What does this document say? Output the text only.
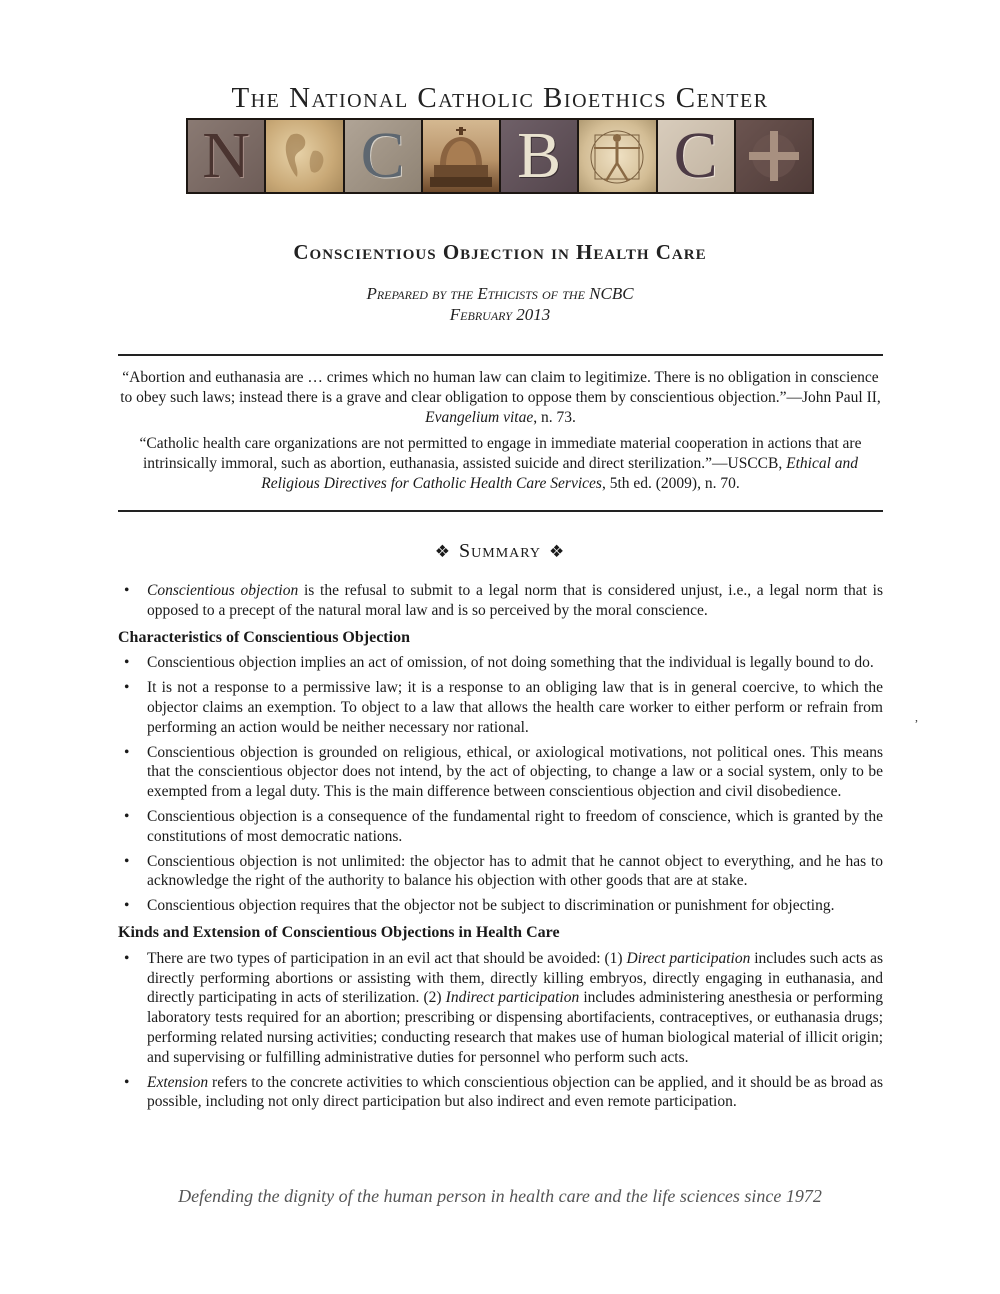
The National Catholic Bioethics Center
N C B C
Conscientious Objection in Health Care
Prepared by the Ethicists of the NCBC
February 2013
“Abortion and euthanasia are … crimes which no human law can claim to legitimize. There is no obligation in conscience to obey such laws; instead there is a grave and clear obligation to oppose them by conscientious objection.”—John Paul II, Evangelium vitae, n. 73.
“Catholic health care organizations are not permitted to engage in immediate material cooperation in actions that are intrinsically immoral, such as abortion, euthanasia, assisted suicide and direct sterilization.”—USCCB, Ethical and Religious Directives for Catholic Health Care Services, 5th ed. (2009), n. 70.
❖ Summary ❖
• Conscientious objection is the refusal to submit to a legal norm that is considered unjust, i.e., a legal norm that is opposed to a precept of the natural moral law and is so perceived by the moral conscience.
Characteristics of Conscientious Objection
• Conscientious objection implies an act of omission, of not doing something that the individual is legally bound to do.
• It is not a response to a permissive law; it is a response to an obliging law that is in general coercive, to which the objector claims an exemption. To object to a law that allows the health care worker to either perform or refrain from performing an action would be neither necessary nor rational.
• Conscientious objection is grounded on religious, ethical, or axiological motivations, not political ones. This means that the conscientious objector does not intend, by the act of objecting, to change a law or a social system, only to be exempted from a legal duty. This is the main difference between conscientious objection and civil disobedience.
• Conscientious objection is a consequence of the fundamental right to freedom of conscience, which is granted by the constitutions of most democratic nations.
• Conscientious objection is not unlimited: the objector has to admit that he cannot object to everything, and he has to acknowledge the right of the authority to balance his objection with other goods that are at stake.
• Conscientious objection requires that the objector not be subject to discrimination or punishment for objecting.
Kinds and Extension of Conscientious Objections in Health Care
• There are two types of participation in an evil act that should be avoided: (1) Direct participation includes such acts as directly performing abortions or assisting with them, directly killing embryos, directly engaging in euthanasia, and directly participating in acts of sterilization. (2) Indirect participation includes administering anesthesia or performing laboratory tests required for an abortion; prescribing or dispensing abortifacients, contraceptives, or euthanasia drugs; performing related nursing activities; conducting research that makes use of human biological material of illicit origin; and supervising or fulfilling administrative duties for personnel who perform such acts.
• Extension refers to the concrete activities to which conscientious objection can be applied, and it should be as broad as possible, including not only direct participation but also indirect and even remote participation.
,
Defending the dignity of the human person in health care and the life sciences since 1972
